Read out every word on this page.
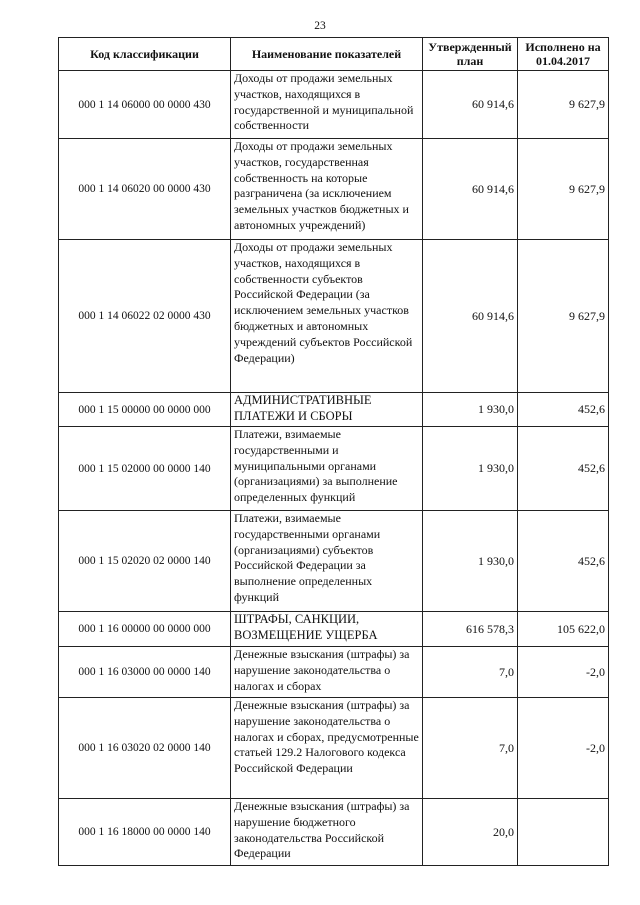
23
Код классификации	Наименование показателей	Утвержденный план	Исполнено на 01.04.2017
000 1 14 06000 00 0000 430	Доходы от продажи земельных участков, находящихся в государственной и муниципальной собственности	60 914,6	9 627,9
000 1 14 06020 00 0000 430	Доходы от продажи земельных участков, государственная собственность на которые разграничена (за исключением земельных участков бюджетных и автономных учреждений)	60 914,6	9 627,9
000 1 14 06022 02 0000 430	Доходы от продажи земельных участков, находящихся в собственности субъектов Российской Федерации (за исключением земельных участков бюджетных и автономных учреждений субъектов Российской Федерации)	60 914,6	9 627,9
000 1 15 00000 00 0000 000	АДМИНИСТРАТИВНЫЕ ПЛАТЕЖИ И СБОРЫ	1 930,0	452,6
000 1 15 02000 00 0000 140	Платежи, взимаемые государственными и муниципальными органами (организациями) за выполнение определенных функций	1 930,0	452,6
000 1 15 02020 02 0000 140	Платежи, взимаемые государственными органами (организациями) субъектов Российской Федерации за выполнение определенных функций	1 930,0	452,6
000 1 16 00000 00 0000 000	ШТРАФЫ, САНКЦИИ, ВОЗМЕЩЕНИЕ УЩЕРБА	616 578,3	105 622,0
000 1 16 03000 00 0000 140	Денежные взыскания (штрафы) за нарушение законодательства о налогах и сборах	7,0	-2,0
000 1 16 03020 02 0000 140	Денежные взыскания (штрафы) за нарушение законодательства о налогах и сборах, предусмотренные статьей 129.2 Налогового кодекса Российской Федерации	7,0	-2,0
000 1 16 18000 00 0000 140	Денежные взыскания (штрафы) за нарушение бюджетного законодательства Российской Федерации	20,0	
